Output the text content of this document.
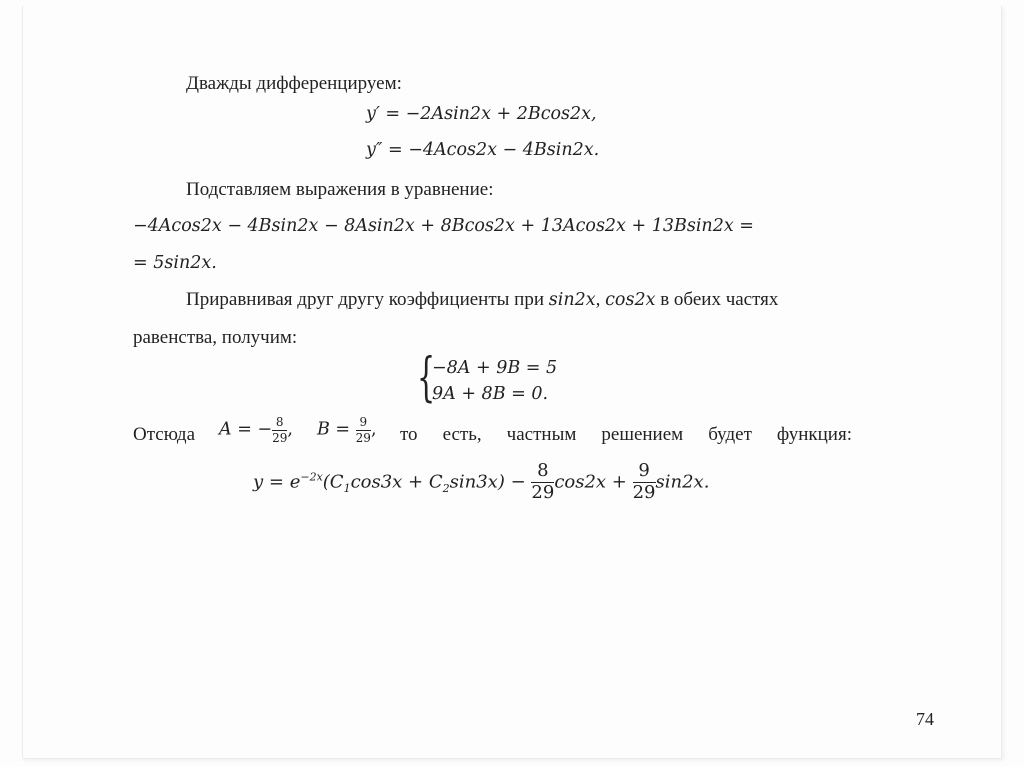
Дважды дифференцируем:
y′ = −2Asin2x + 2Bcos2x,
y″ = −4Acos2x − 4Bsin2x.
Подставляем выражения в уравнение:
−4Acos2x − 4Bsin2x − 8Asin2x + 8Bcos2x + 13Acos2x + 13Bsin2x =
= 5sin2x.
Приравнивая друг другу коэффициенты при sin2x, cos2x в обеих частях
равенства, получим:
{
−8A + 9B = 5
9A + 8B = 0.
Отсюда A = − $\frac{8}{29}$ , $B = \frac{9}{29}$ , то есть, частным решением будет функция:
$y = e^{-2x}(C_1\cos 3x + C_2\sin 3x) - \frac{8}{29} \cos 2x + \frac{9}{29} \sin 2x$.
74
